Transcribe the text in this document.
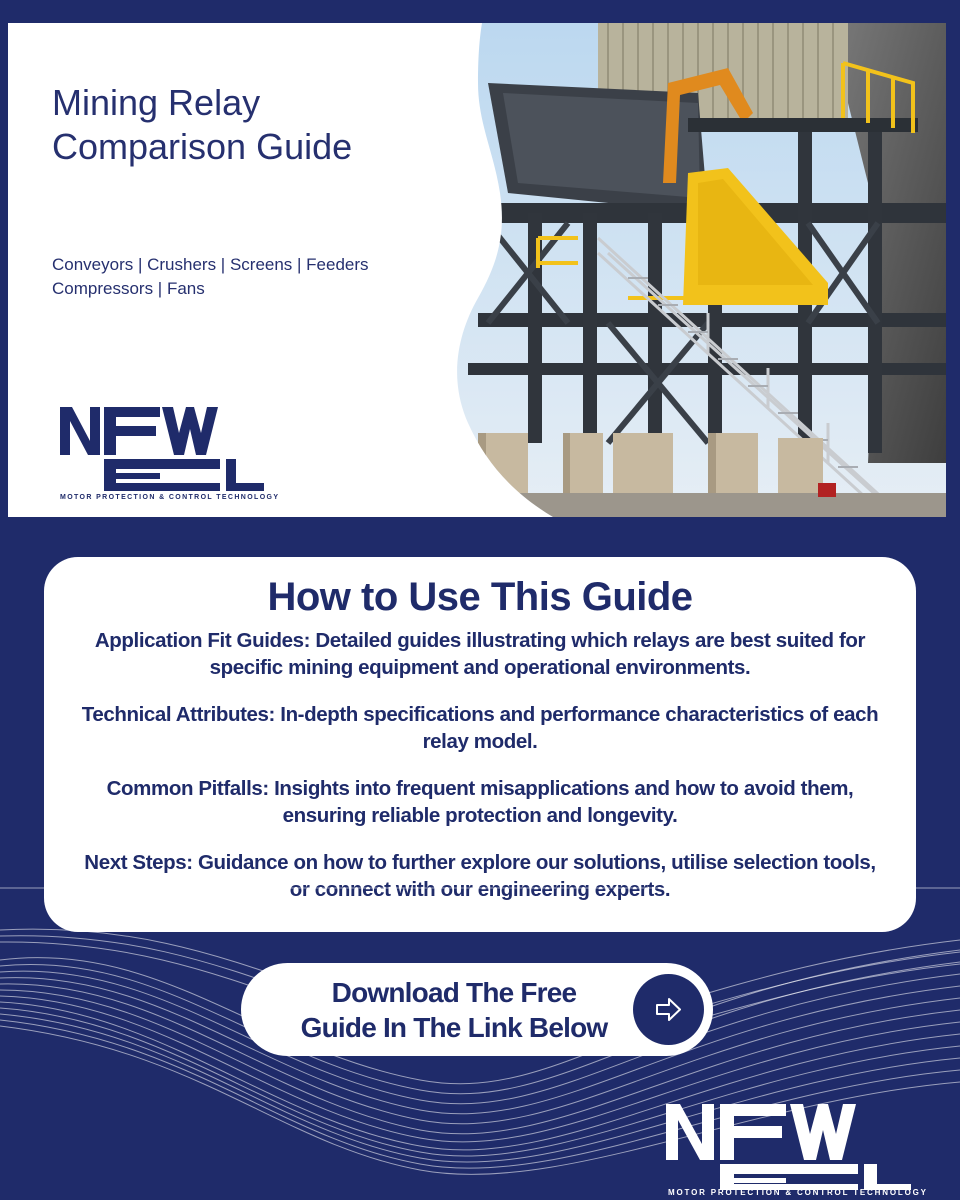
Mining Relay
Comparison Guide
Conveyors | Crushers | Screens | Feeders
Compressors | Fans
MOTOR PROTECTION & CONTROL TECHNOLOGY
How to Use This Guide

Application Fit Guides: Detailed guides illustrating which relays are best suited for specific mining equipment and operational environments.

Technical Attributes: In-depth specifications and performance characteristics of each relay model.

Common Pitfalls: Insights into frequent misapplications and how to avoid them, ensuring reliable protection and longevity.

Next Steps: Guidance on how to further explore our solutions, utilise selection tools, or connect with our engineering experts.

Download The Free
Guide In The Link Below
MOTOR PROTECTION & CONTROL TECHNOLOGY
